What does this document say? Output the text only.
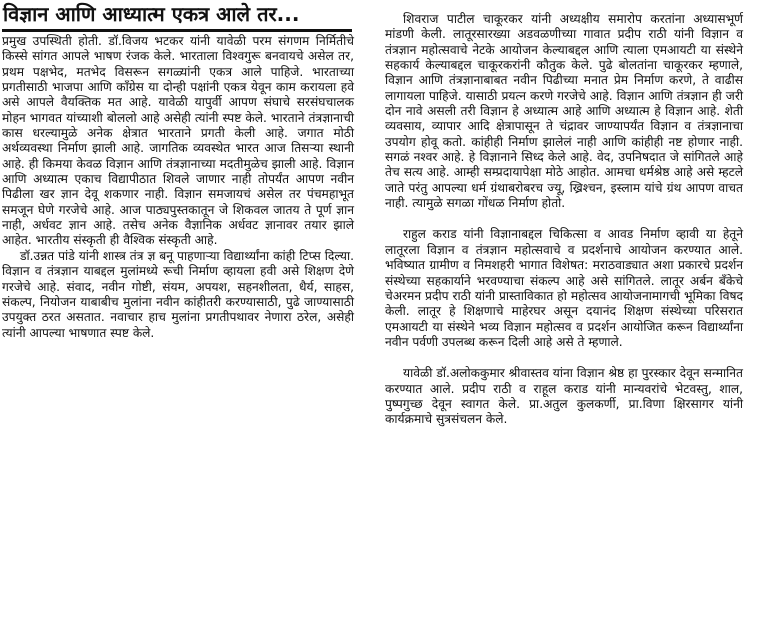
विज्ञान आणि आध्यात्म एकत्र आले तर...

प्रमुख उपस्थिती होती. डॉ.विजय भटकर यांनी यावेळी परम संगणम निर्मितीचे किस्से सांगत आपले भाषण रंजक केले. भारताला विश्वगुरू बनवायचे असेल तर, प्रथम पक्षभेद, मतभेद विसरून सगळ्यांनी एकत्र आले पाहिजे. भारताच्या प्रगतीसाठी भाजपा आणि कॉंग्रेस या दोन्ही पक्षांनी एकत्र येवून काम करायला हवे असे आपले वैयक्तिक मत आहे. यावेळी यापुर्वी आपण संघाचे सरसंघचालक मोहन भागवत यांच्याशी बोललो आहे असेही त्यांनी स्पष्ट केले. भारताने तंत्रज्ञानाची कास धरल्यामुळे अनेक क्षेत्रात भारताने प्रगती केली आहे. जगात मोठी अर्थव्यवस्था निर्माण झाली आहे. जागतिक व्यवस्थेत भारत आज तिसर्‍या स्थानी आहे. ही किमया केवळ विज्ञान आणि तंत्रज्ञानाच्या मदतीमुळेच झाली आहे. विज्ञान आणि अध्यात्म एकाच विद्यापीठात शिवले जाणार नाही तोपर्यंत आपण नवीन पिढीला खर ज्ञान देवू शकणार नाही. विज्ञान समजायचं असेल तर पंचमहाभूत समजून घेणे गरजेचे आहे. आज पाठ्यपुस्तकातून जे शिकवल जातय ते पूर्ण ज्ञान नाही, अर्धवट ज्ञान आहे. तसेच अनेक वैज्ञानिक अर्धवट ज्ञानावर तयार झाले आहेत. भारतीय संस्कृती ही वैश्विक संस्कृती आहे.

डॉ.उन्नत पांडे यांनी शास्त्र तंत्र ज्ञ बनू पाहणाऱ्या विद्यार्थ्यांना कांही टिप्स दिल्या. विज्ञान व तंत्रज्ञान याबद्दल मुलांमध्ये रूची निर्माण व्हायला हवी असे शिक्षण देणे गरजेचे आहे. संवाद, नवीन गोष्टी, संयम, अपयश, सहनशीलता, धैर्य, साहस, संकल्प, नियोजन याबाबीच मुलांना नवीन कांहीतरी करण्यासाठी, पुढे जाण्यासाठी उपयुक्त ठरत असतात. नवाचार हाच मुलांना प्रगतीपथावर नेणारा ठरेल, असेही त्यांनी आपल्या भाषणात स्पष्ट केले.

शिवराज पाटील चाकूरकर यांनी अध्यक्षीय समारोप करतांना अध्यासभूर्ण मांडणी केली. लातूरसारख्या अडवळणीच्या गावात प्रदीप राठी यांनी विज्ञान व तंत्रज्ञान महोत्सवाचे नेटके आयोजन केल्याबद्दल आणि त्याला एमआयटी या संस्थेने सहकार्य केल्याबद्दल चाकूरकरांनी कौतुक केले. पुढे बोलतांना चाकूरकर म्हणाले, विज्ञान आणि तंत्रज्ञानाबाबत नवीन पिढीच्या मनात प्रेम निर्माण करणे, ते वाढीस लागायला पाहिजे. यासाठी प्रयत्न करणे गरजेचे आहे. विज्ञान आणि तंत्रज्ञान ही जरी दोन नावे असली तरी विज्ञान हे अध्यात्म आहे आणि अध्यात्म हे विज्ञान आहे. शेती व्यवसाय, व्यापार आदि क्षेत्रापासून ते चंद्रावर जाण्यापर्यंत विज्ञान व तंत्रज्ञानाचा उपयोग होवू कतो. कांहीही निर्माण झालेलं नाही आणि कांहीही नष्ट होणार नाही. सगळं नश्वर आहे. हे विज्ञानाने सिध्द केले आहे. वेद, उपनिषदात जे सांगितले आहे तेच सत्य आहे. आम्ही सम्प्रदायापेक्षा मोठे आहोत. आमचा धर्मश्रेष्ठ आहे असे म्हटले जाते परंतु आपल्या धर्म ग्रंथाबरोबरच ज्यू, ख्रिश्चन, इस्लाम यांचे ग्रंथ आपण वाचत नाही. त्यामुळे सगळा गोंधळ निर्माण होतो.

राहुल कराड यांनी विज्ञानाबद्दल चिकित्सा व आवड निर्माण व्हावी या हेतूने लातूरला विज्ञान व तंत्रज्ञान महोत्सवाचे व प्रदर्शनाचे आयोजन करण्यात आले. भविष्यात ग्रामीण व निमशहरी भागात विशेषत: मराठवाड्यात अशा प्रकारचे प्रदर्शन संस्थेच्या सहकार्याने भरवण्याचा संकल्प आहे असे सांगितले. लातूर अर्बन बँकेचे चेअरमन प्रदीप राठी यांनी प्रास्ताविकात हो महोत्सव आयोजनामागची भूमिका विषद केली. लातूर हे शिक्षणाचे माहेरघर असून दयानंद शिक्षण संस्थेच्या परिसरात एमआयटी या संस्थेने भव्य विज्ञान महोत्सव व प्रदर्शन आयोजित करून विद्यार्थ्यांना नवीन पर्वणी उपलब्ध करून दिली आहे असे ते म्हणाले.

यावेळी डॉ.अलोककुमार श्रीवास्तव यांना विज्ञान श्रेष्ठ हा पुरस्कार देवून सन्मानित करण्यात आले. प्रदीप राठी व राहूल कराड यांनी मान्यवरांचे भेटवस्तु, शाल, पुष्पगुच्छ देवून स्वागत केले. प्रा.अतुल कुलकर्णी, प्रा.विणा क्षिरसागर यांनी कार्यक्रमाचे सुत्रसंचलन केले.
